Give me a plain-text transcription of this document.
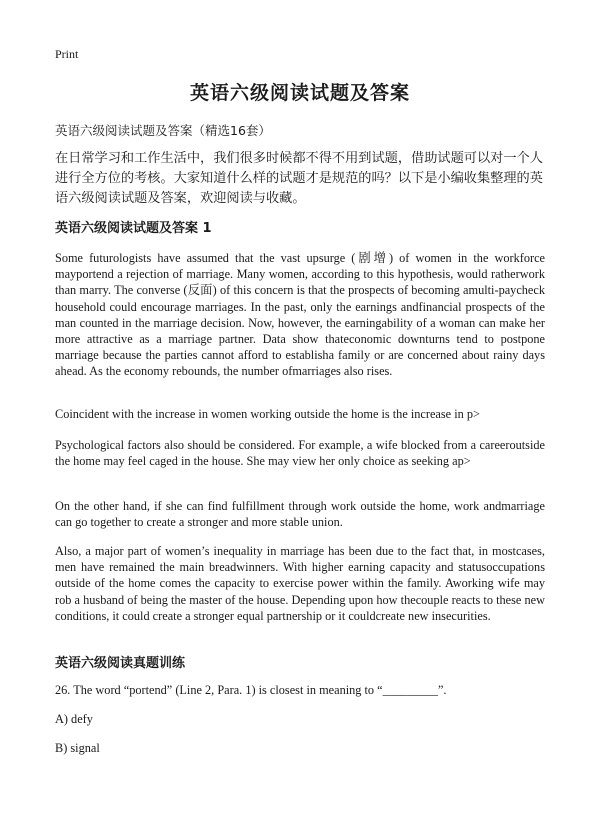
Print
英语六级阅读试题及答案
英语六级阅读试题及答案（精选16套）
在日常学习和工作生活中，我们很多时候都不得不用到试题，借助试题可以对一个人进行全方位的考核。大家知道什么样的试题才是规范的吗？以下是小编收集整理的英语六级阅读试题及答案，欢迎阅读与收藏。
英语六级阅读试题及答案 1
Some futurologists have assumed that the vast upsurge (剧增) of women in the workforce mayportend a rejection of marriage. Many women, according to this hypothesis, would ratherwork than marry. The converse (反面) of this concern is that the prospects of becoming amulti-paycheck household could encourage marriages. In the past, only the earnings andfinancial prospects of the man counted in the marriage decision. Now, however, the earningability of a woman can make her more attractive as a marriage partner. Data show thateconomic downturns tend to postpone marriage because the parties cannot afford to establisha family or are concerned about rainy days ahead. As the economy rebounds, the number ofmarriages also rises.
Coincident with the increase in women working outside the home is the increase in p>
Psychological factors also should be considered. For example, a wife blocked from a careeroutside the home may feel caged in the house. She may view her only choice as seeking ap>
On the other hand, if she can find fulfillment through work outside the home, work andmarriage can go together to create a stronger and more stable union.
Also, a major part of women’s inequality in marriage has been due to the fact that, in mostcases, men have remained the main breadwinners. With higher earning capacity and statusoccupations outside of the home comes the capacity to exercise power within the family. Aworking wife may rob a husband of being the master of the house. Depending upon how thecouple reacts to these new conditions, it could create a stronger equal partnership or it couldcreate new insecurities.
英语六级阅读真题训练
26. The word “portend” (Line 2, Para. 1) is closest in meaning to “_________”.
A) defy
B) signal
